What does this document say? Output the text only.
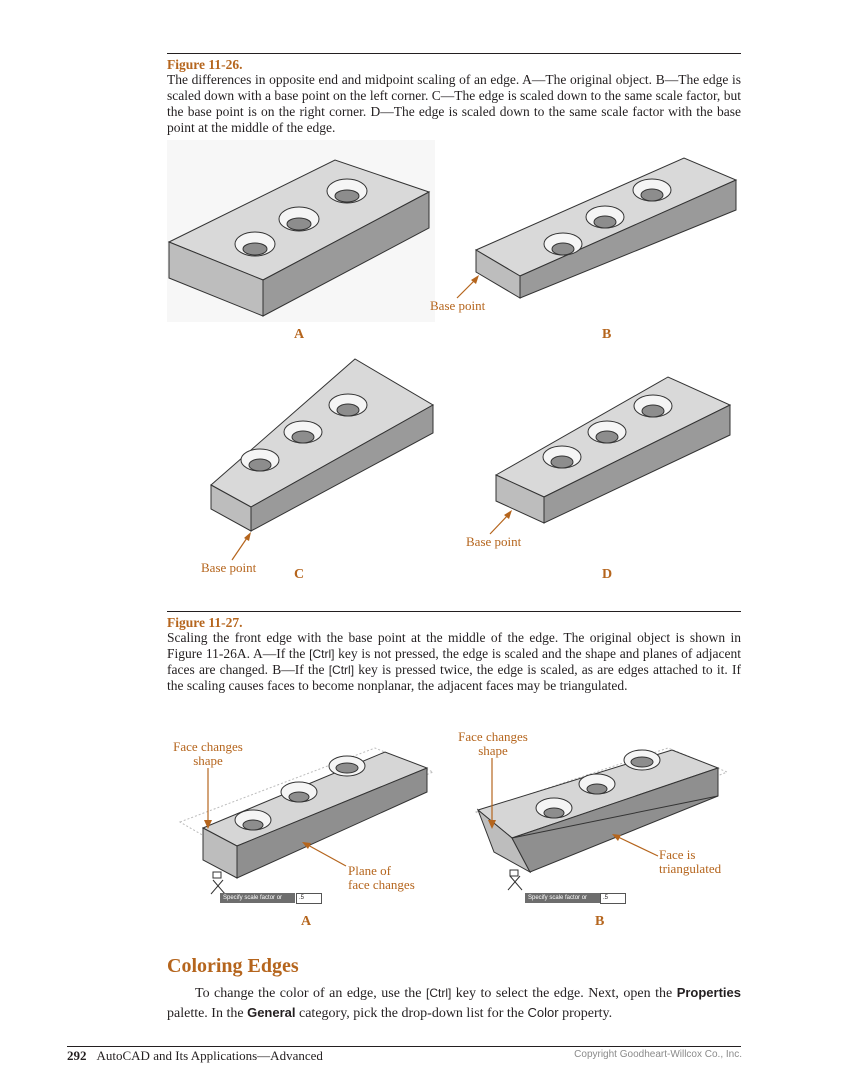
Figure 11-26.
The differences in opposite end and midpoint scaling of an edge. A—The original object. B—The edge is scaled down with a base point on the left corner. C—The edge is scaled down to the same scale factor, but the base point is on the right corner. D—The edge is scaled down to the same scale factor with the base point at the middle of the edge.
A
Base point
B
Base point	C
Base point
D
Figure 11-27.
Scaling the front edge with the base point at the middle of the edge. The original object is shown in Figure 11-26A. A—If the [Ctrl] key is not pressed, the edge is scaled and the shape and planes of adjacent faces are changed. B—If the [Ctrl] key is pressed twice, the edge is scaled, as are edges attached to it. If the scaling causes faces to become nonplanar, the adjacent faces may be triangulated.
Specify scale factor or	.5
Face changes
shape
Plane of
face changes
A
Specify scale factor or	.5
Face changes
shape
Face is
triangulated
B
Coloring Edges
To change the color of an edge, use the [Ctrl] key to select the edge. Next, open the Properties palette. In the General category, pick the drop-down list for the Color property.
292 AutoCAD and Its Applications—Advanced	Copyright Goodheart-Willcox Co., Inc.
